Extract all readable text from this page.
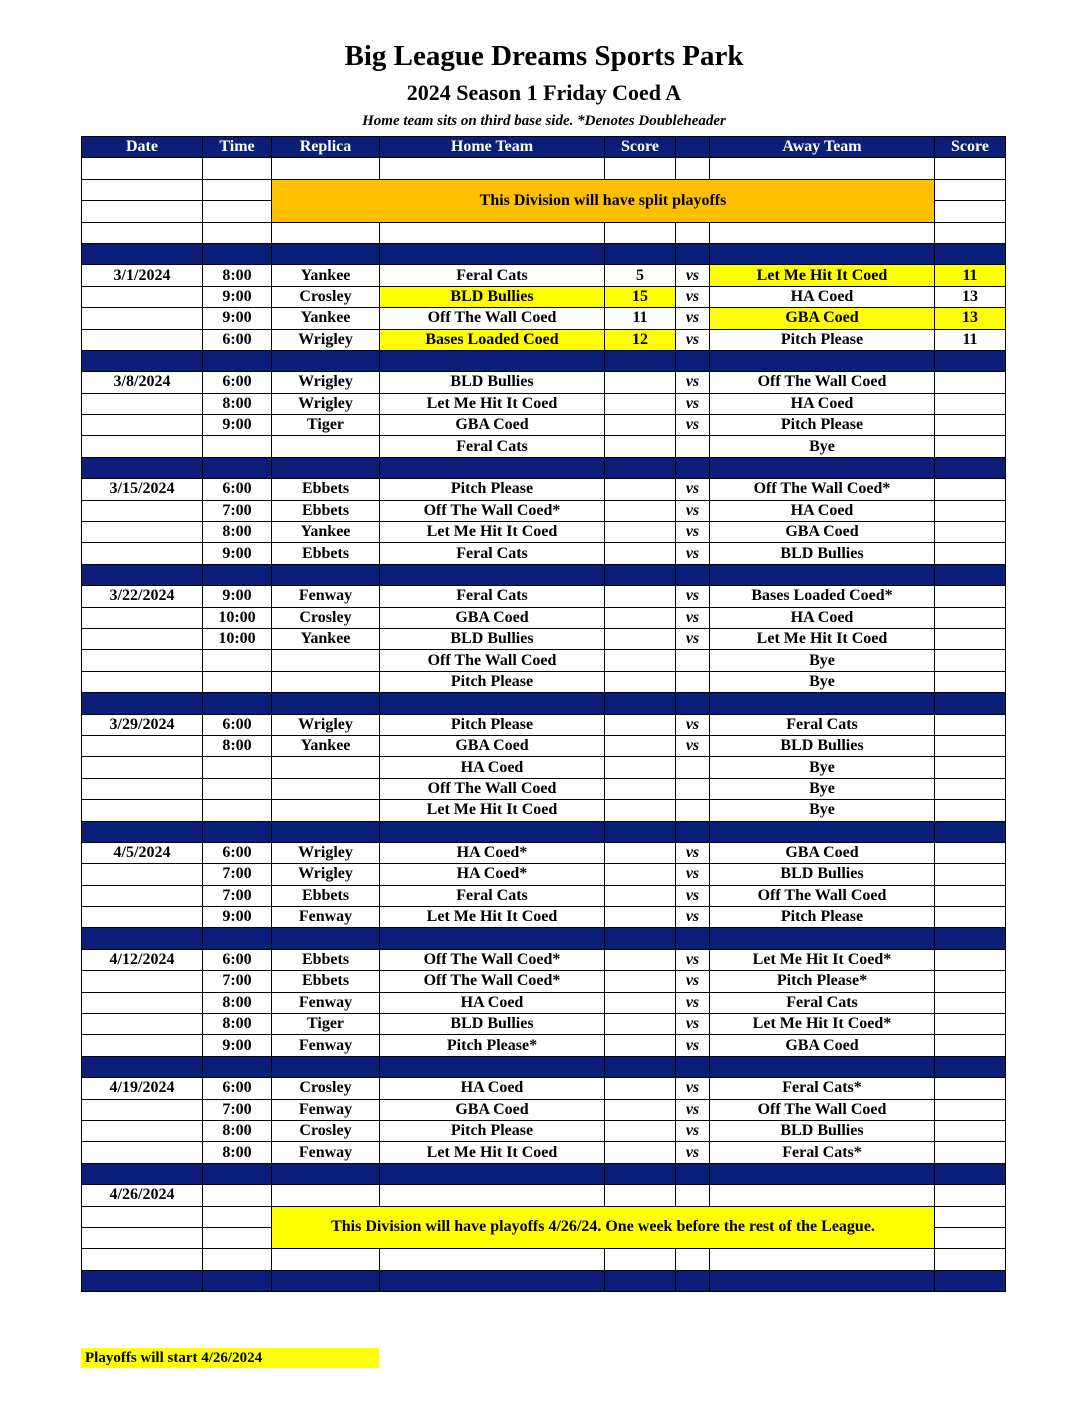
Big League Dreams Sports Park
2024 Season 1 Friday Coed A
Home team sits on third base side. *Denotes Doubleheader
Date	Time	Replica	Home Team	Score		Away Team	Score

		This Division will have split playoffs					

3/1/2024	8:00	Yankee	Feral Cats	5	vs	Let Me Hit It Coed	11
	9:00	Crosley	BLD Bullies	15	vs	HA Coed	13
	9:00	Yankee	Off The Wall Coed	11	vs	GBA Coed	13
	6:00	Wrigley	Bases Loaded Coed	12	vs	Pitch Please	11

3/8/2024	6:00	Wrigley	BLD Bullies		vs	Off The Wall Coed	
	8:00	Wrigley	Let Me Hit It Coed		vs	HA Coed	
	9:00	Tiger	GBA Coed		vs	Pitch Please	
			Feral Cats			Bye	

3/15/2024	6:00	Ebbets	Pitch Please		vs	Off The Wall Coed*	
	7:00	Ebbets	Off The Wall Coed*		vs	HA Coed	
	8:00	Yankee	Let Me Hit It Coed		vs	GBA Coed	
	9:00	Ebbets	Feral Cats		vs	BLD Bullies	

3/22/2024	9:00	Fenway	Feral Cats		vs	Bases Loaded Coed*	
	10:00	Crosley	GBA Coed		vs	HA Coed	
	10:00	Yankee	BLD Bullies		vs	Let Me Hit It Coed	
			Off The Wall Coed			Bye	
			Pitch Please			Bye	

3/29/2024	6:00	Wrigley	Pitch Please		vs	Feral Cats	
	8:00	Yankee	GBA Coed		vs	BLD Bullies	
			HA Coed			Bye	
			Off The Wall Coed			Bye	
			Let Me Hit It Coed			Bye	

4/5/2024	6:00	Wrigley	HA Coed*		vs	GBA Coed	
	7:00	Wrigley	HA Coed*		vs	BLD Bullies	
	7:00	Ebbets	Feral Cats		vs	Off The Wall Coed	
	9:00	Fenway	Let Me Hit It Coed		vs	Pitch Please	

4/12/2024	6:00	Ebbets	Off The Wall Coed*		vs	Let Me Hit It Coed*	
	7:00	Ebbets	Off The Wall Coed*		vs	Pitch Please*	
	8:00	Fenway	HA Coed		vs	Feral Cats	
	8:00	Tiger	BLD Bullies		vs	Let Me Hit It Coed*	
	9:00	Fenway	Pitch Please*		vs	GBA Coed	

4/19/2024	6:00	Crosley	HA Coed		vs	Feral Cats*	
	7:00	Fenway	GBA Coed		vs	Off The Wall Coed	
	8:00	Crosley	Pitch Please		vs	BLD Bullies	
	8:00	Fenway	Let Me Hit It Coed		vs	Feral Cats*	

4/26/2024							
		This Division will have playoffs 4/26/24. One week before the rest of the League.					

Playoffs will start 4/26/2024
